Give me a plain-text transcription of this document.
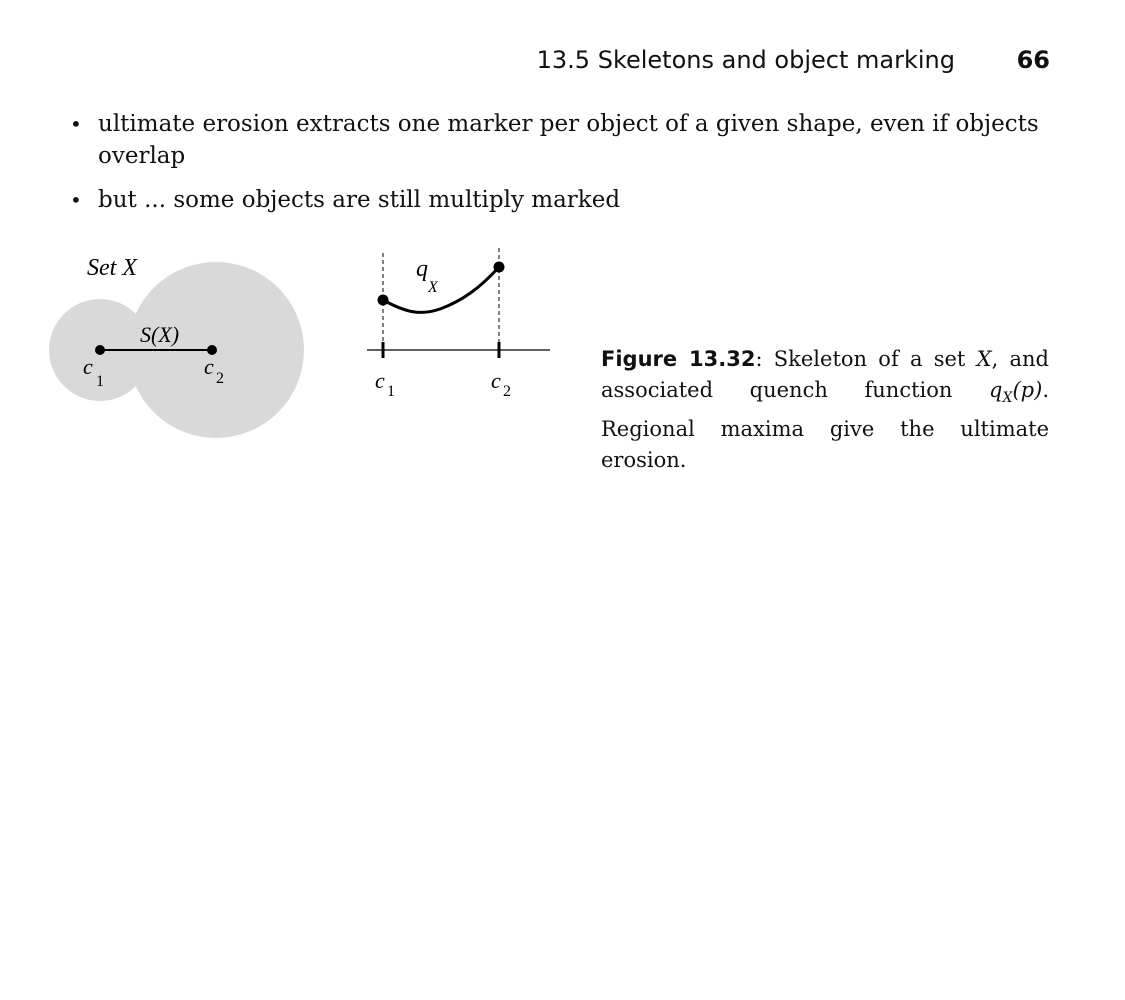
13.5 Skeletons and object marking	66
• ultimate erosion extracts one marker per object of a given shape, even if objects overlap
• but ... some objects are still multiply marked
Set X
S(X)
c
1
c 2
q
X
c 1	c 2
Figure 13.32: Skeleton of a set X, and associated quench function $q_X(p)$. Regional maxima give the ultimate erosion.
